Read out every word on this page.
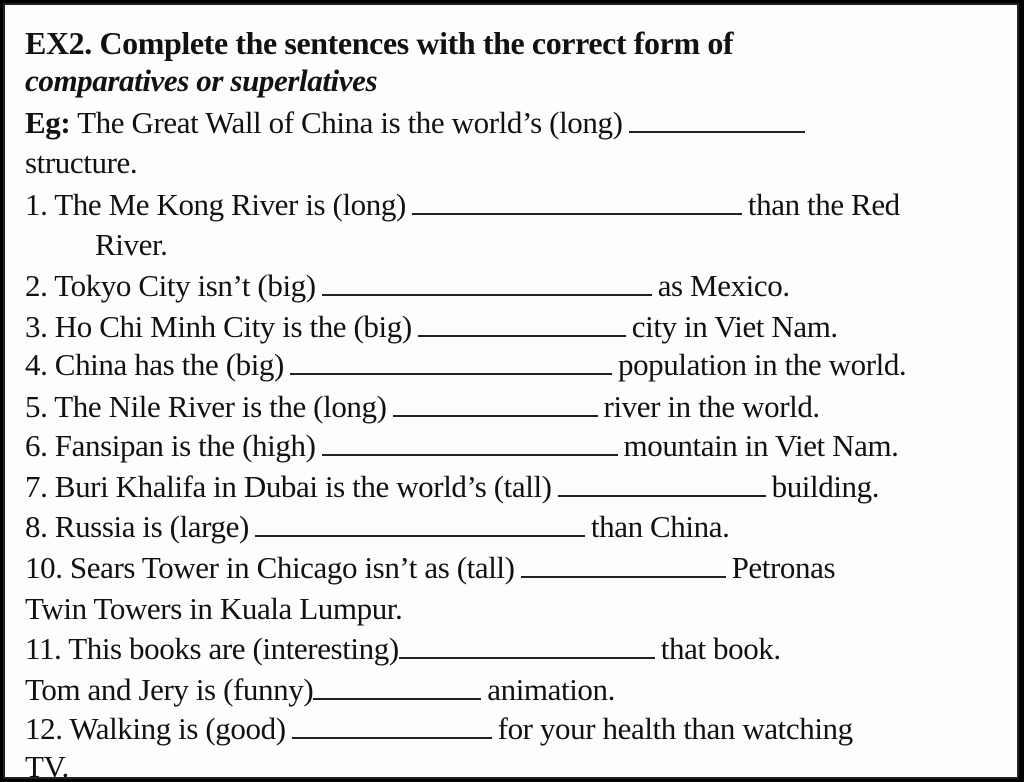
EX2. Complete the sentences with the correct form of
comparatives or superlatives
Eg: The Great Wall of China is the world’s (long)
structure.
1. The Me Kong River is (long)	than the Red
River.
2. Tokyo City isn’t (big)	as Mexico.
3. Ho Chi Minh City is the (big)	city in Viet Nam.
4. China has the (big)	population in the world.
5. The Nile River is the (long)	river in the world.
6. Fansipan is the (high)	mountain in Viet Nam.
7. Buri Khalifa in Dubai is the world’s (tall)	building.
8. Russia is (large)	than China.
10. Sears Tower in Chicago isn’t as (tall)	Petronas
Twin Towers in Kuala Lumpur.
11. This books are (interesting)	that book.
Tom and Jery is (funny)	animation.
12. Walking is (good)	for your health than watching
TV.
